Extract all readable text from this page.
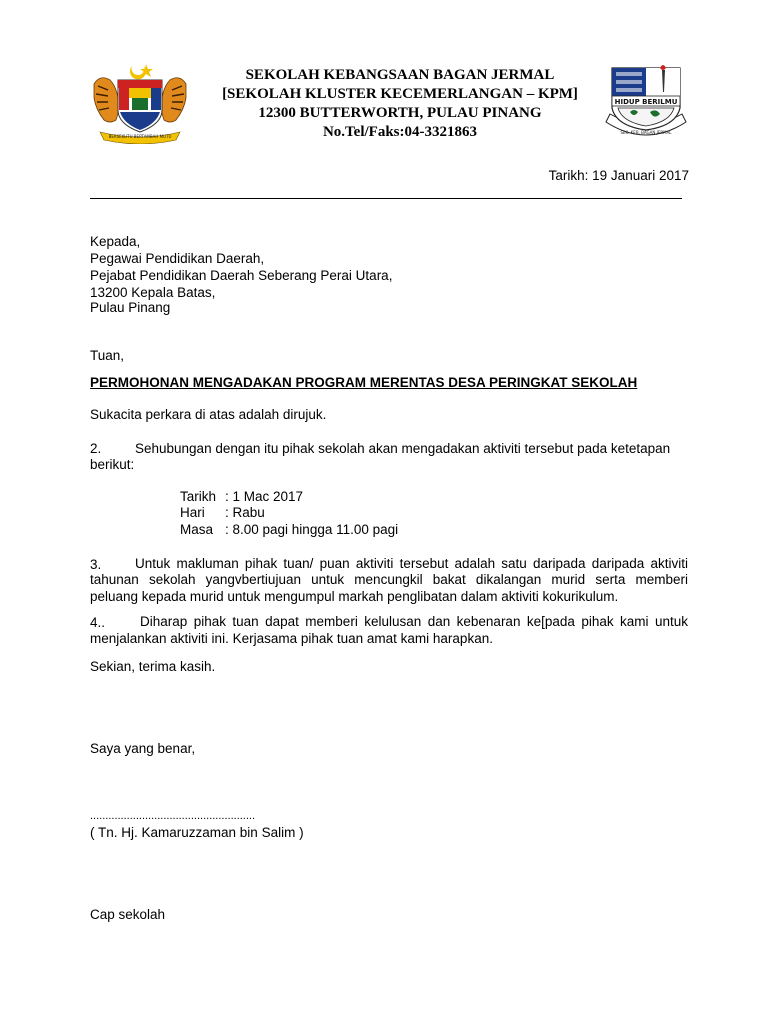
BERSEKUTU BERTAMBAH MUTU
HIDUP BERILMU
SEK. KEB. BAGAN JERMAL
SEKOLAH KEBANGSAAN BAGAN JERMAL
[SEKOLAH KLUSTER KECEMERLANGAN – KPM]
12300 BUTTERWORTH, PULAU PINANG
No.Tel/Faks:04-3321863
Tarikh: 19 Januari 2017
Kepada,
Pegawai Pendidikan Daerah,
Pejabat Pendidikan Daerah Seberang Perai Utara,
13200 Kepala Batas,
Pulau Pinang
Tuan,
PERMOHONAN MENGADAKAN PROGRAM MERENTAS DESA PERINGKAT SEKOLAH
Sukacita perkara di atas adalah dirujuk.
2. Sehubungan dengan itu pihak sekolah akan mengadakan aktiviti tersebut pada ketetapan
berikut:
Tarikh : 1 Mac 2017
Hari	: Rabu
Masa : 8.00 pagi hingga 11.00 pagi
3. Untuk makluman pihak tuan/ puan aktiviti tersebut adalah satu daripada daripada aktiviti
tahunan sekolah yangvbertiujuan untuk mencungkil bakat dikalangan murid serta memberi
peluang kepada murid untuk mengumpul markah penglibatan dalam aktiviti kokurikulum.
4..	Diharap pihak tuan dapat memberi kelulusan dan kebenaran ke[pada pihak kami untuk
menjalankan aktiviti ini. Kerjasama pihak tuan amat kami harapkan.
Sekian, terima kasih.
Saya yang benar,
......................................................
( Tn. Hj. Kamaruzzaman bin Salim )
Cap sekolah
